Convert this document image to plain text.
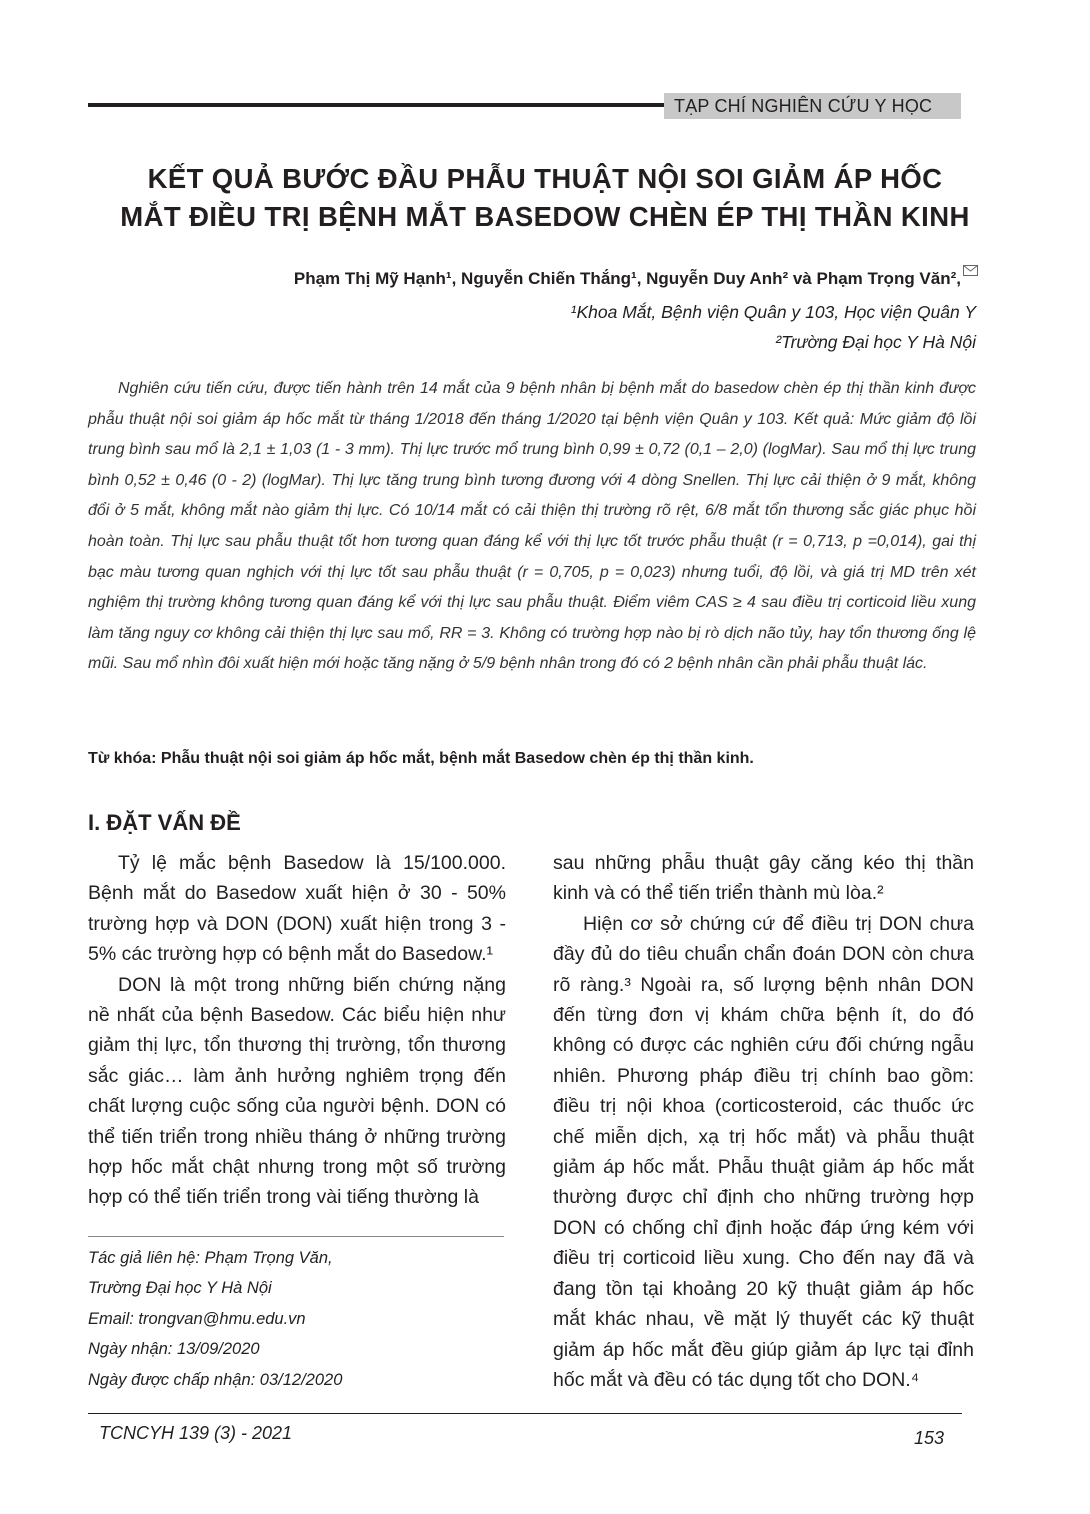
TẠP CHÍ NGHIÊN CỨU Y HỌC
KẾT QUẢ BƯỚC ĐẦU PHẪU THUẬT NỘI SOI GIẢM ÁP HỐC
MẮT ĐIỀU TRỊ BỆNH MẮT BASEDOW CHÈN ÉP THỊ THẦN KINH
Phạm Thị Mỹ Hạnh¹, Nguyễn Chiến Thắng¹, Nguyễn Duy Anh² và Phạm Trọng Văn²,
¹Khoa Mắt, Bệnh viện Quân y 103, Học viện Quân Y
²Trường Đại học Y Hà Nội

Nghiên cứu tiến cứu, được tiến hành trên 14 mắt của 9 bệnh nhân bị bệnh mắt do basedow chèn ép thị thần kinh được phẫu thuật nội soi giảm áp hốc mắt từ tháng 1/2018 đến tháng 1/2020 tại bệnh viện Quân y 103. Kết quả: Mức giảm độ lồi trung bình sau mổ là 2,1 ± 1,03 (1 - 3 mm). Thị lực trước mổ trung bình 0,99 ± 0,72 (0,1 – 2,0) (logMar). Sau mổ thị lực trung bình 0,52 ± 0,46 (0 - 2) (logMar). Thị lực tăng trung bình tương đương với 4 dòng Snellen. Thị lực cải thiện ở 9 mắt, không đổi ở 5 mắt, không mắt nào giảm thị lực. Có 10/14 mắt có cải thiện thị trường rõ rệt, 6/8 mắt tổn thương sắc giác phục hồi hoàn toàn. Thị lực sau phẫu thuật tốt hơn tương quan đáng kể với thị lực tốt trước phẫu thuật (r = 0,713, p =0,014), gai thị bạc màu tương quan nghịch với thị lực tốt sau phẫu thuật (r = 0,705, p = 0,023) nhưng tuổi, độ lồi, và giá trị MD trên xét nghiệm thị trường không tương quan đáng kể với thị lực sau phẫu thuật. Điểm viêm CAS ≥ 4 sau điều trị corticoid liều xung làm tăng nguy cơ không cải thiện thị lực sau mổ, RR = 3. Không có trường hợp nào bị rò dịch não tủy, hay tổn thương ống lệ mũi. Sau mổ nhìn đôi xuất hiện mới hoặc tăng nặng ở 5/9 bệnh nhân trong đó có 2 bệnh nhân cần phải phẫu thuật lác.

Từ khóa: Phẫu thuật nội soi giảm áp hốc mắt, bệnh mắt Basedow chèn ép thị thần kinh.
I. ĐẶT VẤN ĐỀ

Tỷ lệ mắc bệnh Basedow là 15/100.000. Bệnh mắt do Basedow xuất hiện ở 30 - 50% trường hợp và DON (DON) xuất hiện trong 3 - 5% các trường hợp có bệnh mắt do Basedow.¹

DON là một trong những biến chứng nặng nề nhất của bệnh Basedow. Các biểu hiện như giảm thị lực, tổn thương thị trường, tổn thương sắc giác… làm ảnh hưởng nghiêm trọng đến chất lượng cuộc sống của người bệnh. DON có thể tiến triển trong nhiều tháng ở những trường hợp hốc mắt chật nhưng trong một số trường hợp có thể tiến triển trong vài tiếng thường là

sau những phẫu thuật gây căng kéo thị thần kinh và có thể tiến triển thành mù lòa.²

Hiện cơ sở chứng cứ để điều trị DON chưa đầy đủ do tiêu chuẩn chẩn đoán DON còn chưa rõ ràng.³ Ngoài ra, số lượng bệnh nhân DON đến từng đơn vị khám chữa bệnh ít, do đó không có được các nghiên cứu đối chứng ngẫu nhiên. Phương pháp điều trị chính bao gồm: điều trị nội khoa (corticosteroid, các thuốc ức chế miễn dịch, xạ trị hốc mắt) và phẫu thuật giảm áp hốc mắt. Phẫu thuật giảm áp hốc mắt thường được chỉ định cho những trường hợp DON có chống chỉ định hoặc đáp ứng kém với điều trị corticoid liều xung. Cho đến nay đã và đang tồn tại khoảng 20 kỹ thuật giảm áp hốc mắt khác nhau, về mặt lý thuyết các kỹ thuật giảm áp hốc mắt đều giúp giảm áp lực tại đỉnh hốc mắt và đều có tác dụng tốt cho DON.⁴

Tác giả liên hệ: Phạm Trọng Văn,
Trường Đại học Y Hà Nội
Email: trongvan@hmu.edu.vn
Ngày nhận: 13/09/2020
Ngày được chấp nhận: 03/12/2020
TCNCYH 139 (3) - 2021	153
